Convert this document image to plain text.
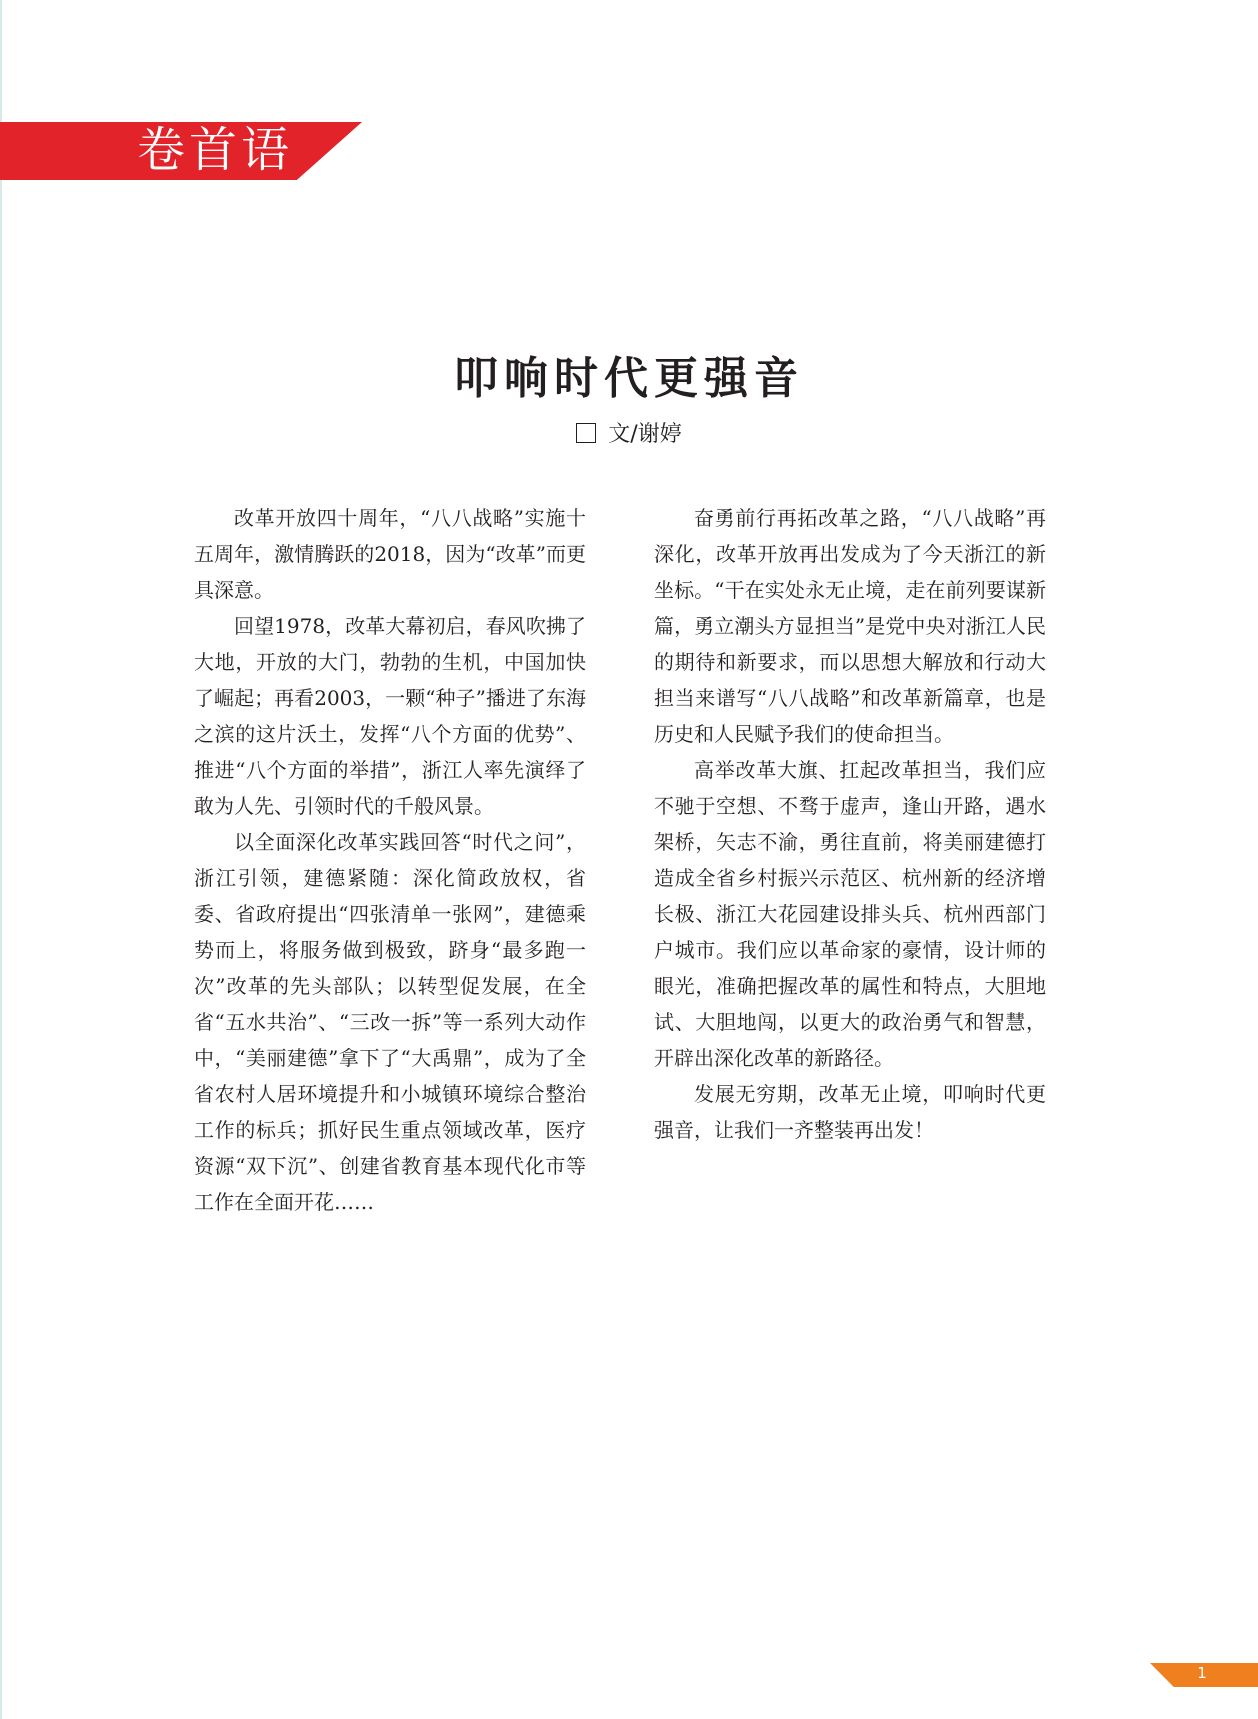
卷首语
叩响时代更强音
文/谢婷

改革开放四十周年，“八八战略”实施十五周年，激情腾跃的2018，因为“改革”而更具深意。

回望1978，改革大幕初启，春风吹拂了大地，开放的大门，勃勃的生机，中国加快了崛起；再看2003，一颗“种子”播进了东海之滨的这片沃土，发挥“八个方面的优势”、推进“八个方面的举措”，浙江人率先演绎了敢为人先、引领时代的千般风景。

以全面深化改革实践回答“时代之问”，浙江引领，建德紧随：深化简政放权，省委、省政府提出“四张清单一张网”，建德乘势而上，将服务做到极致，跻身“最多跑一次”改革的先头部队；以转型促发展，在全省“五水共治”、“三改一拆”等一系列大动作中，“美丽建德”拿下了“大禹鼎”，成为了全省农村人居环境提升和小城镇环境综合整治工作的标兵；抓好民生重点领域改革，医疗资源“双下沉”、创建省教育基本现代化市等工作在全面开花……

奋勇前行再拓改革之路，“八八战略”再深化，改革开放再出发成为了今天浙江的新坐标。“干在实处永无止境，走在前列要谋新篇，勇立潮头方显担当”是党中央对浙江人民的期待和新要求，而以思想大解放和行动大担当来谱写“八八战略”和改革新篇章，也是历史和人民赋予我们的使命担当。

高举改革大旗、扛起改革担当，我们应不驰于空想、不骛于虚声，逢山开路，遇水架桥，矢志不渝，勇往直前，将美丽建德打造成全省乡村振兴示范区、杭州新的经济增长极、浙江大花园建设排头兵、杭州西部门户城市。我们应以革命家的豪情，设计师的眼光，准确把握改革的属性和特点，大胆地试、大胆地闯，以更大的政治勇气和智慧，开辟出深化改革的新路径。

发展无穷期，改革无止境，叩响时代更强音，让我们一齐整装再出发！

1
